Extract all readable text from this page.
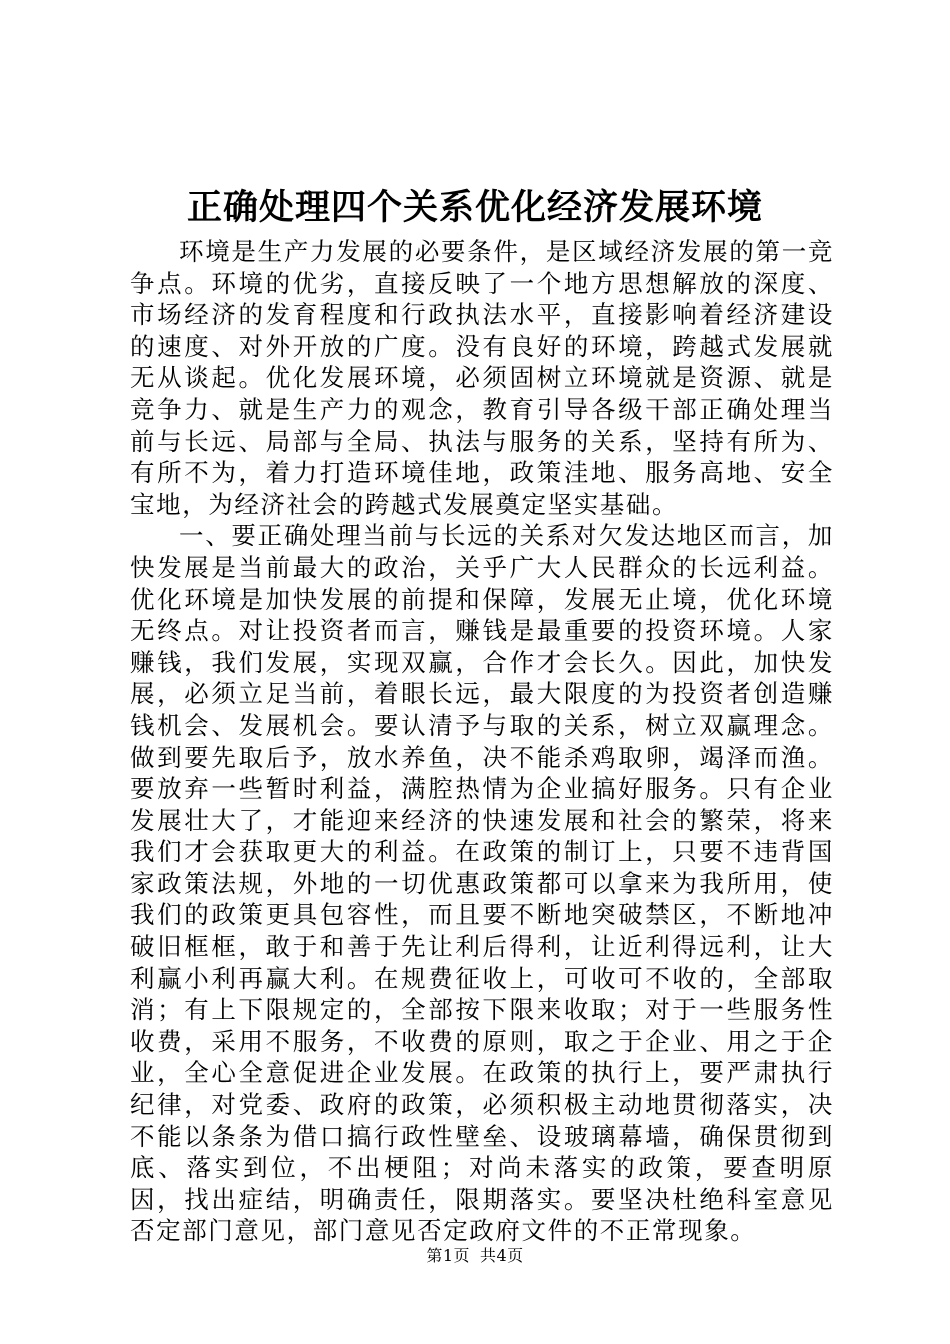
正确处理四个关系优化经济发展环境

环境是生产力发展的必要条件，是区域经济发展的第一竞争点。环境的优劣，直接反映了一个地方思想解放的深度、市场经济的发育程度和行政执法水平，直接影响着经济建设的速度、对外开放的广度。没有良好的环境，跨越式发展就无从谈起。优化发展环境，必须固树立环境就是资源、就是竞争力、就是生产力的观念，教育引导各级干部正确处理当前与长远、局部与全局、执法与服务的关系，坚持有所为、有所不为，着力打造环境佳地，政策洼地、服务高地、安全宝地，为经济社会的跨越式发展奠定坚实基础。

一、要正确处理当前与长远的关系对欠发达地区而言，加快发展是当前最大的政治，关乎广大人民群众的长远利益。优化环境是加快发展的前提和保障，发展无止境，优化环境无终点。对让投资者而言，赚钱是最重要的投资环境。人家赚钱，我们发展，实现双赢，合作才会长久。因此，加快发展，必须立足当前，着眼长远，最大限度的为投资者创造赚钱机会、发展机会。要认清予与取的关系，树立双赢理念。做到要先取后予，放水养鱼，决不能杀鸡取卵，竭泽而渔。要放弃一些暂时利益，满腔热情为企业搞好服务。只有企业发展壮大了，才能迎来经济的快速发展和社会的繁荣，将来我们才会获取更大的利益。在政策的制订上，只要不违背国家政策法规，外地的一切优惠政策都可以拿来为我所用，使我们的政策更具包容性，而且要不断地突破禁区，不断地冲破旧框框，敢于和善于先让利后得利，让近利得远利，让大利赢小利再赢大利。在规费征收上，可收可不收的，全部取消；有上下限规定的，全部按下限来收取；对于一些服务性收费，采用不服务，不收费的原则，取之于企业、用之于企业，全心全意促进企业发展。在政策的执行上，要严肃执行纪律，对党委、政府的政策，必须积极主动地贯彻落实，决不能以条条为借口搞行政性壁垒、设玻璃幕墙，确保贯彻到底、落实到位，不出梗阻；对尚未落实的政策，要查明原因，找出症结，明确责任，限期落实。要坚决杜绝科室意见否定部门意见，部门意见否定政府文件的不正常现象。

第1页 共4页
